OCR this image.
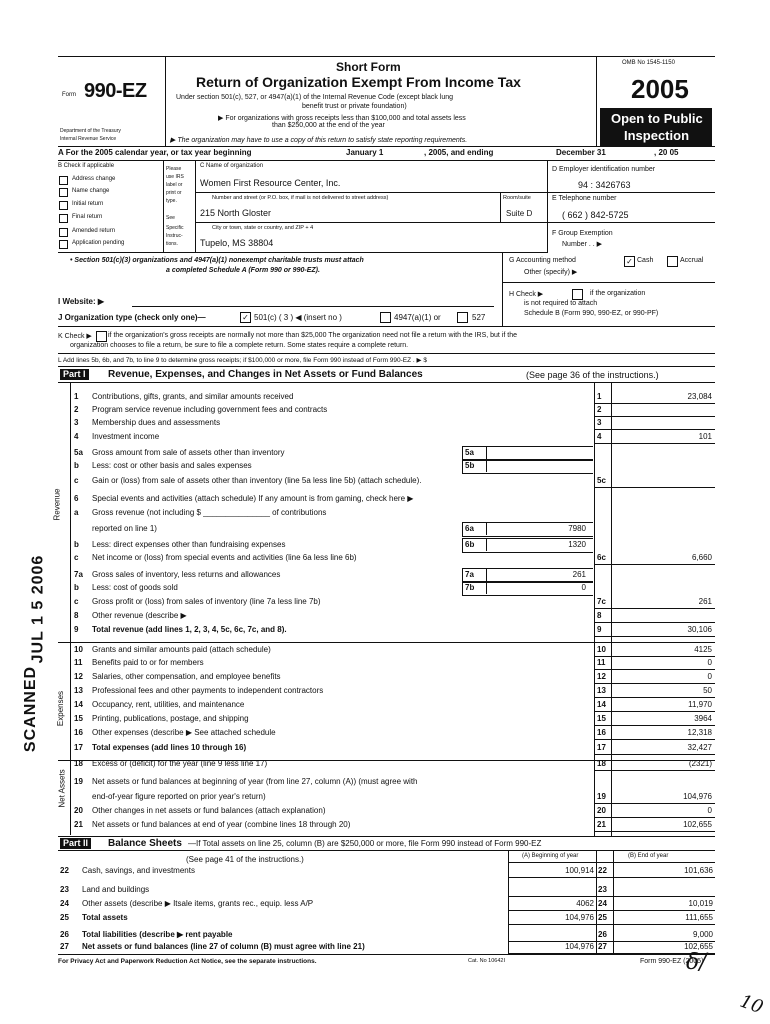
Form 990-EZ
Department of the Treasury
Internal Revenue Service
Short Form
Return of Organization Exempt From Income Tax
Under section 501(c), 527, or 4947(a)(1) of the Internal Revenue Code (except black lung
benefit trust or private foundation)
▶ For organizations with gross receipts less than $100,000 and total assets less
than $250,000 at the end of the year
▶ The organization may have to use a copy of this return to satisfy state reporting requirements.
OMB No 1545-1150
2005
Open to Public
Inspection
A For the 2005 calendar year, or tax year beginning	January 1	, 2005, and ending	December 31	, 20 05
B Check if applicable
Address change
Name change
Initial return
Final return
Amended return
Application pending
Please
use IRS
label or
print or
type.
See
Specific
Instruc-
tions.
C Name of organization
Women First Resource Center, Inc.
Number and street (or P.O. box, if mail is not delivered to street address)	Room/suite
215 North Gloster	Suite D
City or town, state or country, and ZIP + 4
Tupelo, MS 38804
D Employer identification number
94 : 3426763
E Telephone number
( 662 ) 842-5725
F Group Exemption
Number . . ▶
• Section 501(c)(3) organizations and 4947(a)(1) nonexempt charitable trusts must attach
a completed Schedule A (Form 990 or 990-EZ).
G Accounting method	✓ Cash	Accrual
Other (specify) ▶
H Check ▶	if the organization
is not required to attach
Schedule B (Form 990, 990-EZ, or 990-PF)
I Website: ▶
J Organization type (check only one)—	✓ 501(c) ( 3 ) ◀ (insert no )	4947(a)(1) or	527
K Check ▶ if the organization's gross receipts are normally not more than $25,000 The organization need not file a return with the IRS, but if the
organization chooses to file a return, be sure to file a complete return. Some states require a complete return.
L Add lines 5b, 6b, and 7b, to line 9 to determine gross receipts; if $100,000 or more, file Form 990 instead of Form 990-EZ . ▶ $
Part I	Revenue, Expenses, and Changes in Net Assets or Fund Balances	(See page 36 of the instructions.)
Revenue
Expenses
Net Assets
1 Contributions, gifts, grants, and similar amounts received	1	23,084
2 Program service revenue including government fees and contracts	2
3 Membership dues and assessments	3
4 Investment income	4	101
5a Gross amount from sale of assets other than inventory	5a
b Less: cost or other basis and sales expenses	5b
c Gain or (loss) from sale of assets other than inventory (line 5a less line 5b) (attach schedule).	5c
6 Special events and activities (attach schedule) If any amount is from gaming, check here ▶
a Gross revenue (not including $ _______________ of contributions
reported on line 1)	6a	7980
b Less: direct expenses other than fundraising expenses	6b	1320
c Net income or (loss) from special events and activities (line 6a less line 6b)	6c	6,660
7a Gross sales of inventory, less returns and allowances	7a	261
b Less: cost of goods sold	7b	0
c Gross profit or (loss) from sales of inventory (line 7a less line 7b)	7c	261
8 Other revenue (describe ▶	8
9 Total revenue (add lines 1, 2, 3, 4, 5c, 6c, 7c, and 8).	9	30,106
10 Grants and similar amounts paid (attach schedule)	10	4125
11 Benefits paid to or for members	11	0
12 Salaries, other compensation, and employee benefits	12	0
13 Professional fees and other payments to independent contractors	13	50
14 Occupancy, rent, utilities, and maintenance	14	11,970
15 Printing, publications, postage, and shipping	15	3964
16 Other expenses (describe ▶ See attached schedule	16	12,318
17 Total expenses (add lines 10 through 16)	17	32,427
18 Excess or (deficit) for the year (line 9 less line 17)	18	(2321)
19 Net assets or fund balances at beginning of year (from line 27, column (A)) (must agree with
end-of-year figure reported on prior year's return)	19	104,976
20 Other changes in net assets or fund balances (attach explanation)	20	0
21 Net assets or fund balances at end of year (combine lines 18 through 20)	21	102,655
Part II	Balance Sheets —If Total assets on line 25, column (B) are $250,000 or more, file Form 990 instead of Form 990-EZ
(See page 41 of the instructions.)	(A) Beginning of year	(B) End of year
22 Cash, savings, and investments	100,914 22	101,636
23 Land and buildings	23
24 Other assets (describe ▶ Itsale items, grants rec., equip. less A/P	4062 24	10,019
25 Total assets	104,976 25	111,655
26 Total liabilities (describe ▶ rent payable	26	9,000
27 Net assets or fund balances (line 27 of column (B) must agree with line 21)	104,976 27	102,655
For Privacy Act and Paperwork Reduction Act Notice, see the separate instructions.	Cat. No 10642I	Form 990-EZ (2005)
SCANNED
JUL 1 5 2006
δ/
10
